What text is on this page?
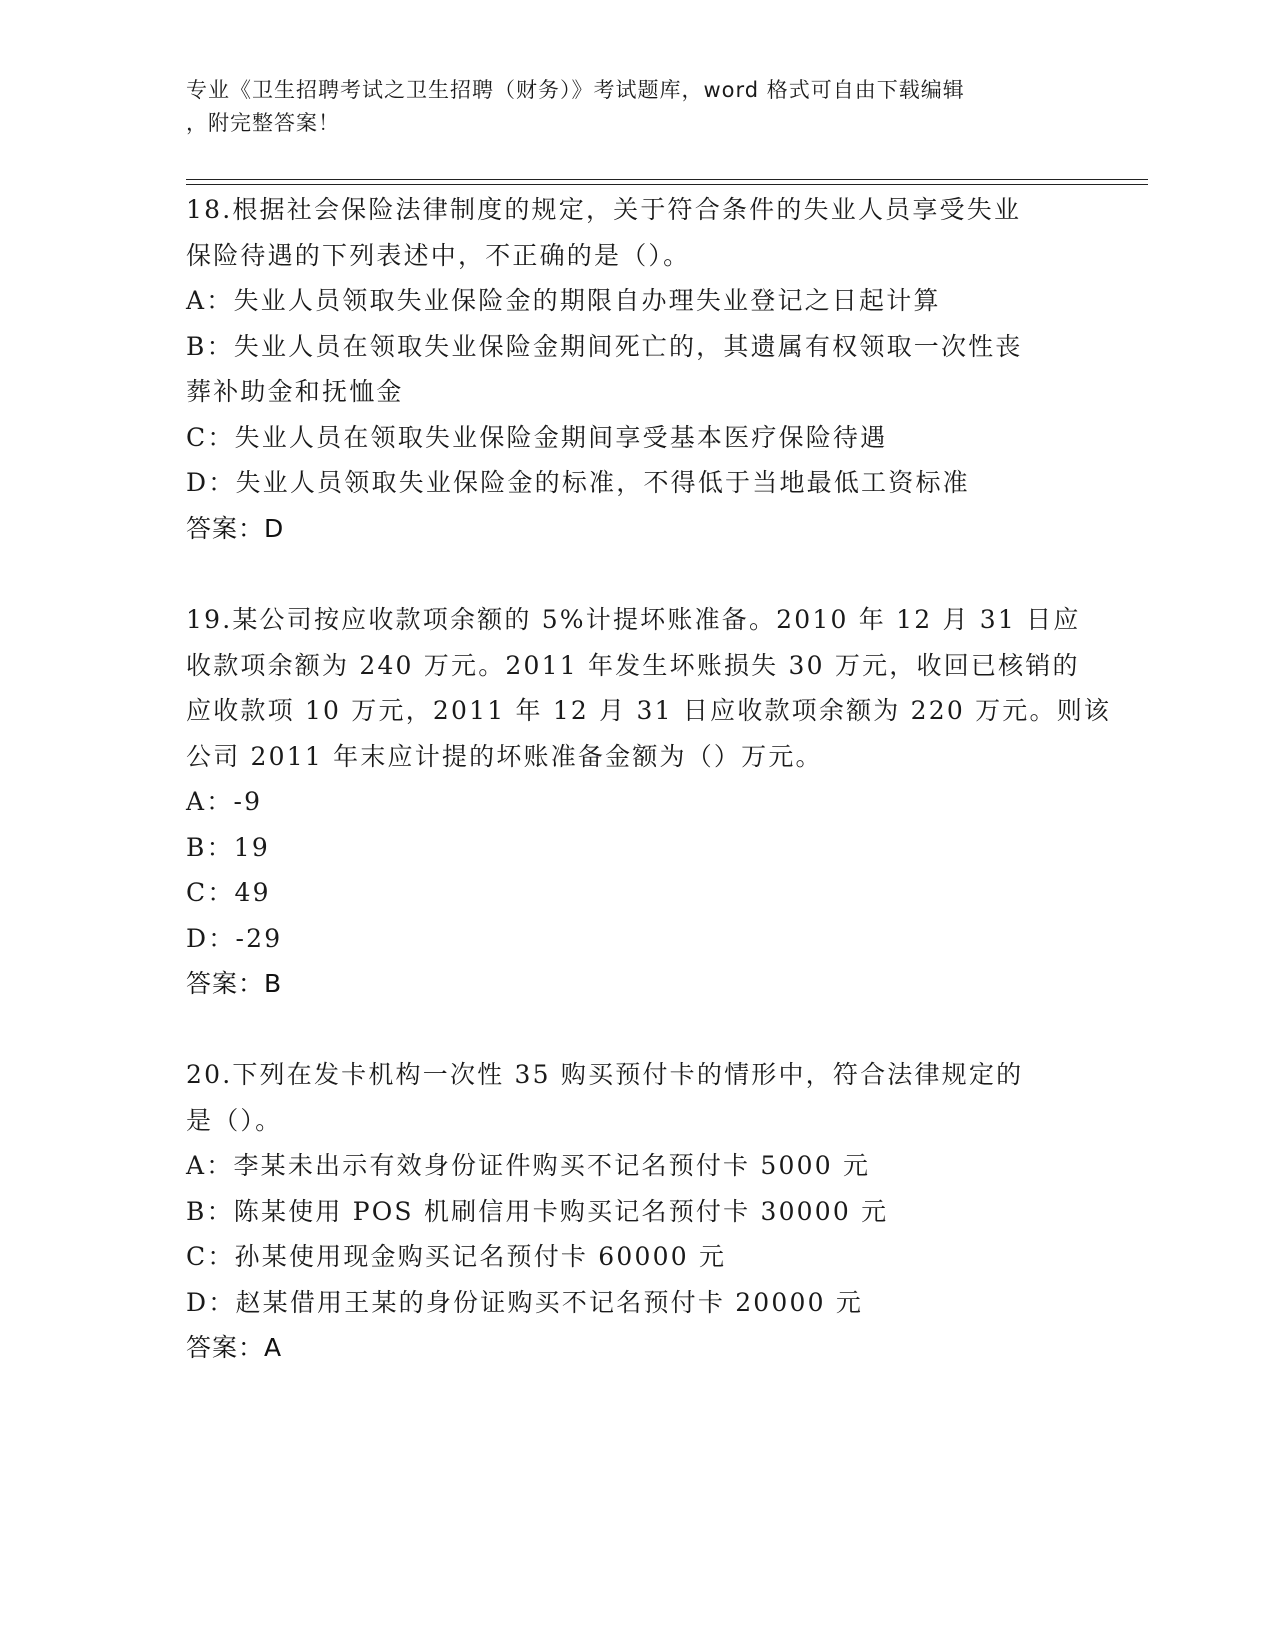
专业《卫生招聘考试之卫生招聘（财务）》考试题库，word 格式可自由下载编辑
，附完整答案！
18.根据社会保险法律制度的规定，关于符合条件的失业人员享受失业
保险待遇的下列表述中，不正确的是（）。
A：失业人员领取失业保险金的期限自办理失业登记之日起计算
B：失业人员在领取失业保险金期间死亡的，其遗属有权领取一次性丧
葬补助金和抚恤金
C：失业人员在领取失业保险金期间享受基本医疗保险待遇
D：失业人员领取失业保险金的标准，不得低于当地最低工资标准
答案：D
19.某公司按应收款项余额的 5%计提坏账准备。2010 年 12 月 31 日应
收款项余额为 240 万元。2011 年发生坏账损失 30 万元，收回已核销的
应收款项 10 万元，2011 年 12 月 31 日应收款项余额为 220 万元。则该
公司 2011 年末应计提的坏账准备金额为（）万元。
A：-9
B：19
C：49
D：-29
答案：B
20.下列在发卡机构一次性 35 购买预付卡的情形中，符合法律规定的
是（）。
A：李某未出示有效身份证件购买不记名预付卡 5000 元
B：陈某使用 POS 机刷信用卡购买记名预付卡 30000 元
C：孙某使用现金购买记名预付卡 60000 元
D：赵某借用王某的身份证购买不记名预付卡 20000 元
答案：A
